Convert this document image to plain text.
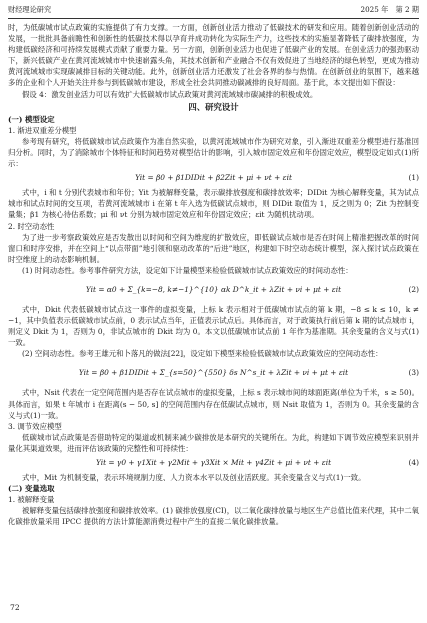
财经理论研究	2025 年　第 2 期

时，为低碳城市试点政策的实施提供了有力支撑。一方面，创新创业活力推动了低碳技术的研发和应用。随着创新创业活动的发展，一批批具备前瞻性和创新性的低碳技术得以孕育并成功转化为实际生产力，这些技术的实施显著降低了碳排放强度，为构建低碳经济和可持续发展模式贡献了重要力量。另一方面，创新创业活力也促进了低碳产业的发展。在创业活力的强劲驱动下，新兴低碳产业在黄河流域城市中快速崭露头角，其技术创新和产业融合不仅有效促进了当地经济的绿色转型，更成为推动黄河流域城市实现碳减排目标的关键动能。此外，创新创业活力还激发了社会各界的参与热情。在创新创业的氛围下，越来越多的企业和个人开始关注并参与到低碳城市建设，形成全社会共同推动碳减排的良好局面。基于此，本文提出如下假设：

假设 4：激发创业活力可以有效扩大低碳城市试点政策对黄河流域城市碳减排的积极成效。

四、研究设计

(一) 模型设定

1. 渐进双重差分模型

参考现有研究，将低碳城市试点政策作为准自然实验，以黄河流域城市作为研究对象，引入渐进双重差分模型进行基准回归分析。同时，为了消除城市个体特征和时间趋势对模型估计的影响，引入城市固定效应和年份固定效应，模型设定如式(1)所示：

Yit = β0 + β1DIDit + β2Zit + μi + νt + εit	(1)

式中，i 和 t 分别代表城市和年份；Yit 为被解释变量，表示碳排放强度和碳排放效率；DIDit 为核心解释变量，其为试点城市和试点时间的交互项，若黄河流域城市 i 在第 t 年入选为低碳试点城市，则 DIDit 取值为 1，反之则为 0；Zit 为控制变量集；β1 为核心待估系数；μi 和 νt 分别为城市固定效应和年份固定效应；εit 为随机扰动项。

2. 时空动态性

为了进一步考察政策效应是否发散出以时间和空间为维度的扩散效应，即低碳试点城市是否在时间上精准把握改革的时间窗口和时序安排，并在空间上“以点带面”地引领和驱动改革的“后进”地区，构建如下时空动态统计模型，深入探讨试点政策在时空维度上的动态影响机制。

(1) 时间动态性。参考事件研究方法，设定如下计量模型来检验低碳城市试点政策效应的时间动态性：

Yit = α0 + Σ_{k=−8, k≠−1}^{10} αk D^k_it + λZit + νi + μt + εit	(2)

式中，Dkit 代表低碳城市试点这一事件的虚拟变量，上标 k 表示相对于低碳城市试点的第 k 期，−8 ≤ k ≤ 10，k ≠ −1，其中负值表示低碳城市试点前，0 表示试点当年，正值表示试点后。具体而言，对于政策执行前后第 k 期的试点城市 i，则定义 Dkit 为 1，否则为 0，非试点城市的 Dkit 均为 0。本文以低碳城市试点前 1 年作为基准期。其余变量的含义与式(1)一致。

(2) 空间动态性。参考王雄元和卜落凡的做法[22]，设定如下模型来检验低碳城市试点政策效应的空间动态性：

Yit = β0 + β1DIDit + Σ_{s=50}^{550} δs N^s_it + λZit + νi + μt + εit	(3)

式中，Nsit 代表在一定空间范围内是否存在试点城市的虚拟变量，上标 s 表示城市间的球面距离(单位为千米，s ≥ 50)。具体而言，如果 t 年城市 i 在距离(s − 50, s] 的空间范围内存在低碳试点城市，则 Nsit 取值为 1，否则为 0。其余变量的含义与式(1)一致。

3. 调节效应模型

低碳城市试点政策是否借助特定的渠道或机制来减少碳排放是本研究的关键所在。为此，构建如下调节效应模型来识别并量化其渠道效果，进而评估该政策的完整性和可持续性：

Yit = γ0 + γ1Xit + γ2Mit + γ3Xit × Mit + γ4Zit + μi + νt + εit	(4)

式中，Mit 为机制变量，表示环境规制力度、人力资本水平以及创业活跃度。其余变量含义与式(1)一致。

(二) 变量选取

1. 被解释变量

被解释变量包括碳排放强度和碳排放效率。(1) 碳排放强度(CI)，以二氧化碳排放量与地区生产总值比值来代理，其中二氧化碳排放量采用 IPCC 提供的方法计算能源消费过程中产生的直接二氧化碳排放量。

72
